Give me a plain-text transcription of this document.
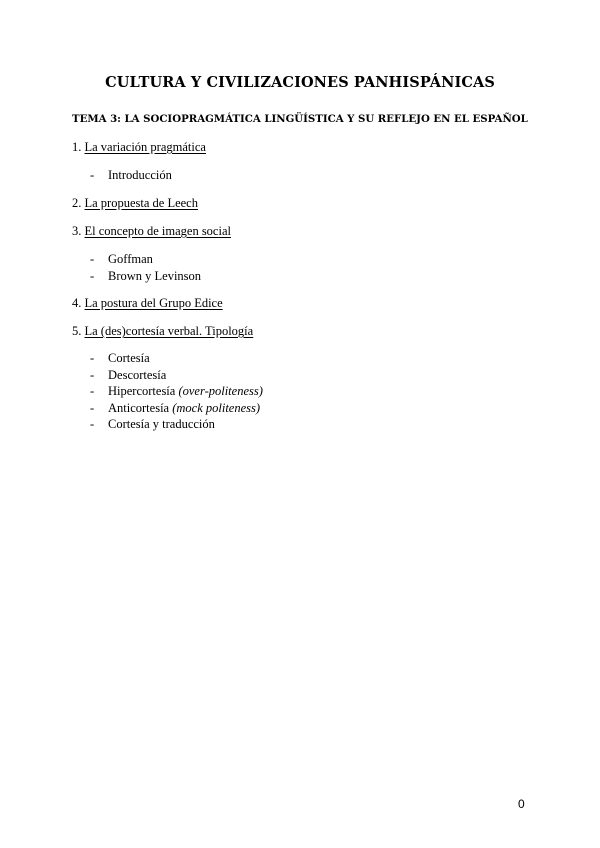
CULTURA Y CIVILIZACIONES PANHISPÁNICAS
TEMA 3: LA SOCIOPRAGMÁTICA LINGÜÍSTICA Y SU REFLEJO EN EL ESPAÑOL
1. La variación pragmática
- Introducción
2. La propuesta de Leech
3. El concepto de imagen social
- Goffman
- Brown y Levinson
4. La postura del Grupo Edice
5. La (des)cortesía verbal. Tipología
- Cortesía
- Descortesía
- Hipercortesía (over-politeness)
- Anticortesía (mock politeness)
- Cortesía y traducción
0
